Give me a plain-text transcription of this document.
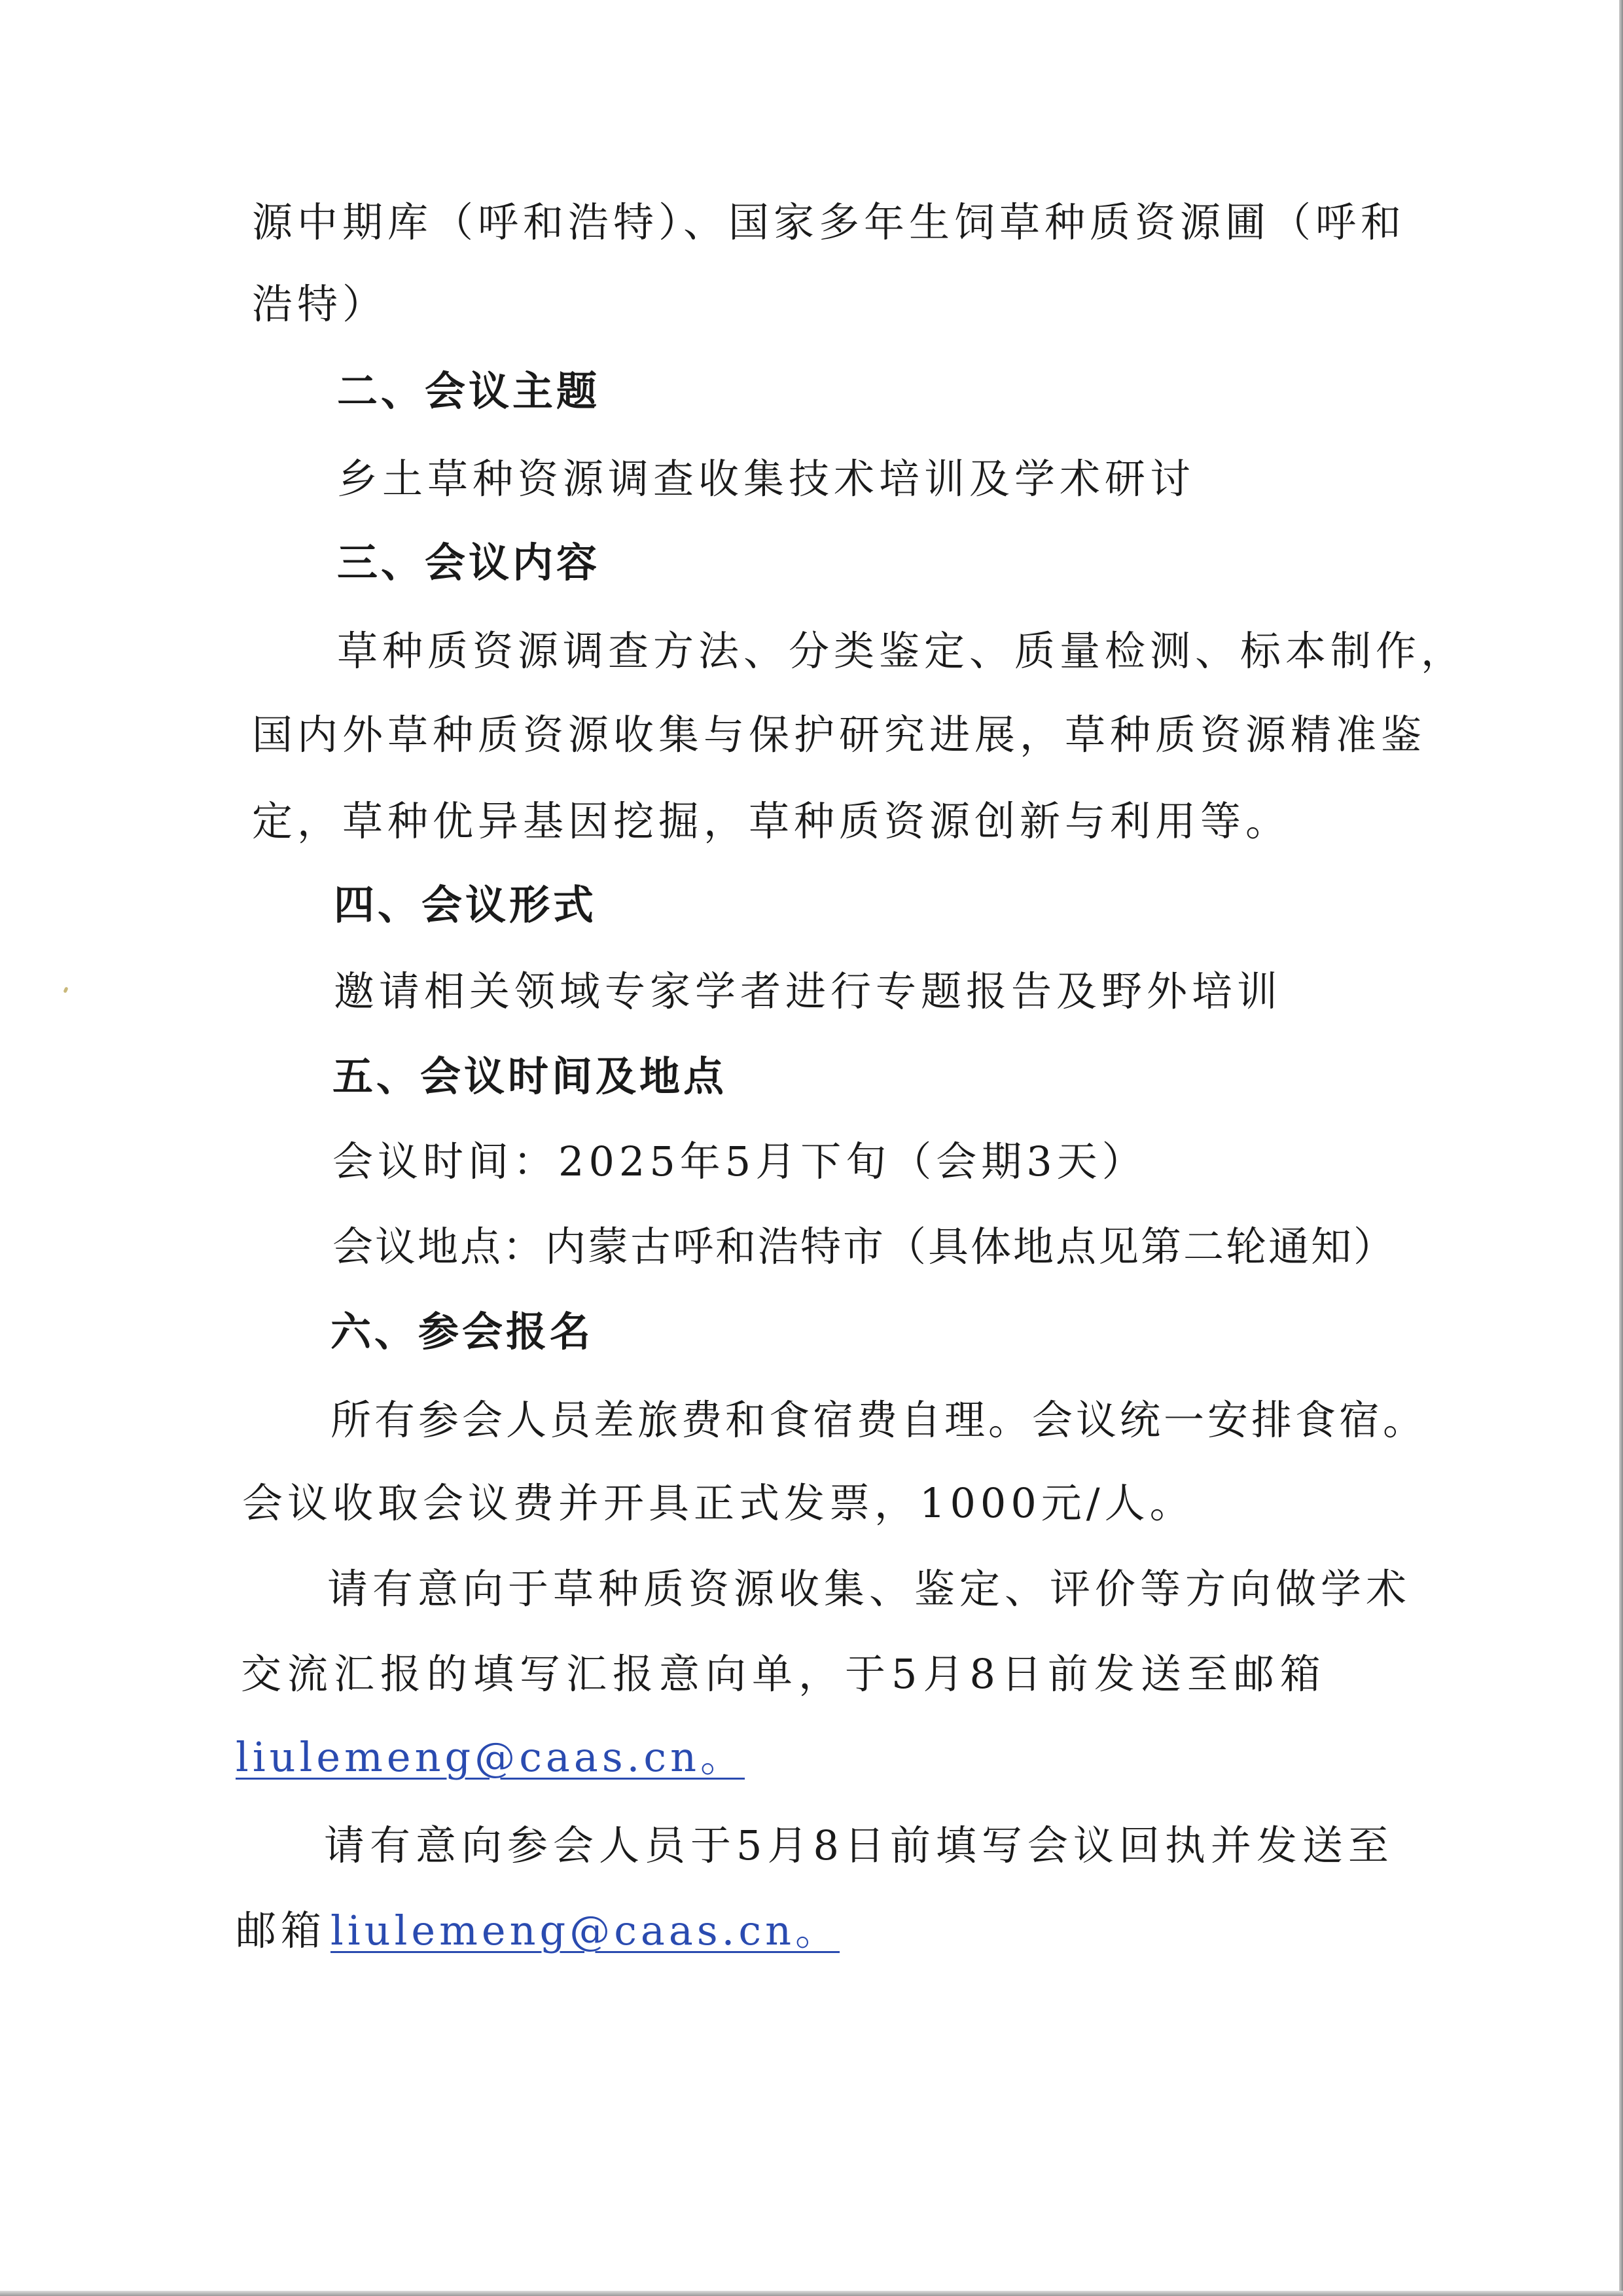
源中期库（呼和浩特）、国家多年生饲草种质资源圃（呼和
浩特）
二、会议主题
乡土草种资源调查收集技术培训及学术研讨
三、会议内容
草种质资源调查方法、分类鉴定、质量检测、标本制作，
国内外草种质资源收集与保护研究进展，草种质资源精准鉴
定，草种优异基因挖掘，草种质资源创新与利用等。
四、会议形式
邀请相关领域专家学者进行专题报告及野外培训
五、会议时间及地点
会议时间：2025年5月下旬（会期3天）
会议地点：内蒙古呼和浩特市（具体地点见第二轮通知）
六、参会报名
所有参会人员差旅费和食宿费自理。会议统一安排食宿。
会议收取会议费并开具正式发票，1000元/人。
请有意向于草种质资源收集、鉴定、评价等方向做学术
交流汇报的填写汇报意向单，于5月8日前发送至邮箱
liulemeng@caas.cn。
请有意向参会人员于5月8日前填写会议回执并发送至
邮箱 liulemeng@caas.cn。
